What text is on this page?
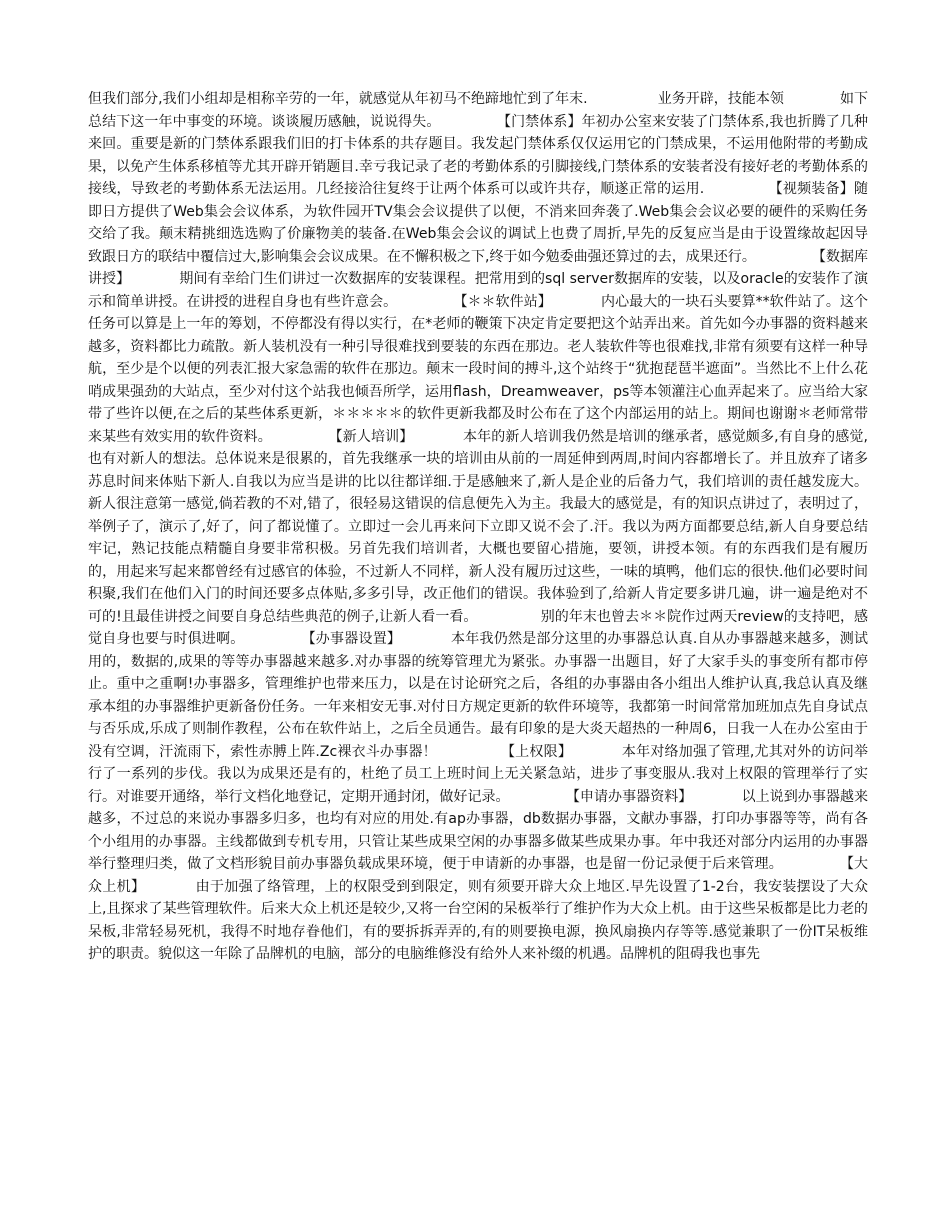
但我们部分,我们小组却是相称辛劳的一年，就感觉从年初马不绝蹄地忙到了年末.　　　　　业务开辟，技能本领　　　　如下总结下这一年中事变的环境。谈谈履历感触，说说得失。　　　　　【门禁体系】年初办公室来安装了门禁体系,我也折腾了几种来回。重要是新的门禁体系跟我们旧的打卡体系的共存题目。我发起门禁体系仅仅运用它的门禁成果，不运用他附带的考勤成果，以免产生体系移植等尤其开辟开销题目.幸亏我记录了老的考勤体系的引脚接线,门禁体系的安装者没有接好老的考勤体系的接线，导致老的考勤体系无法运用。几经接洽往复终于让两个体系可以或许共存，顺遂正常的运用.　　　　　【视频装备】随即日方提供了Web集会会议体系，为软件园开TV集会会议提供了以便，不消来回奔袭了.Web集会会议必要的硬件的采购任务交给了我。颠末精挑细选选购了价廉物美的装备.在Web集会会议的调试上也费了周折,早先的反复应当是由于设置缘故起因导致跟日方的联结中覆信过大,影响集会会议成果。在不懈积极之下,终于如今勉委曲强还算过的去，成果还行。　　　　　【数据库讲授】　　　　期间有幸给门生们讲过一次数据库的安装课程。把常用到的sql server数据库的安装，以及oracle的安装作了演示和简单讲授。在讲授的进程自身也有些许意会。　　　　　【＊＊软件站】　　　　内心最大的一块石头要算**软件站了。这个任务可以算是上一年的筹划，不停都没有得以实行，在*老师的鞭策下决定肯定要把这个站弄出来。首先如今办事器的资料越来越多，资料都比力疏散。新人装机没有一种引导很难找到要装的东西在那边。老人装软件等也很难找,非常有须要有这样一种导航，至少是个以便的列表汇报大家急需的软件在那边。颠末一段时间的搏斗,这个站终于“犹抱琵琶半遮面”。当然比不上什么花哨成果强劲的大站点，至少对付这个站我也倾吾所学，运用flash，Dreamweaver，ps等本领灌注心血弄起来了。应当给大家带了些许以便,在之后的某些体系更新，＊＊＊＊＊的软件更新我都及时公布在了这个内部运用的站上。期间也谢谢＊老师常带来某些有效实用的软件资料。　　　　　【新人培训】　　　　本年的新人培训我仍然是培训的继承者，感觉颇多,有自身的感觉,也有对新人的想法。总体说来是很累的，首先我继承一块的培训由从前的一周延伸到两周,时间内容都增长了。并且放弃了诸多苏息时间来体贴下新人.自我以为应当是讲的比以往都详细.于是感触来了,新人是企业的后备力气，我们培训的责任越发庞大。新人很注意第一感觉,倘若教的不对,错了，很轻易这错误的信息便先入为主。我最大的感觉是，有的知识点讲过了，表明过了，举例子了，演示了,好了，问了都说懂了。立即过一会儿再来问下立即又说不会了.汗。我以为两方面都要总结,新人自身要总结牢记，熟记技能点精髓自身要非常积极。另首先我们培训者，大概也要留心措施，要领，讲授本领。有的东西我们是有履历的，用起来写起来都曾经有过感官的体验，不过新人不同样，新人没有履历过这些，一味的填鸭，他们忘的很快.他们必要时间积聚,我们在他们入门的时间还要多点体贴,多多引导，改正他们的错误。我体验到了,给新人肯定要多讲几遍，讲一遍是绝对不可的!且最佳讲授之间要自身总结些典范的例子,让新人看一看。　　　　　别的年末也曾去＊＊院作过两天review的支持吧，感觉自身也要与时俱进啊。　　　　　【办事器设置】　　　　本年我仍然是部分这里的办事器总认真.自从办事器越来越多，测试用的，数据的,成果的等等办事器越来越多.对办事器的统筹管理尤为紧张。办事器一出题目，好了大家手头的事变所有都市停止。重中之重啊!办事器多，管理维护也带来压力，以是在讨论研究之后，各组的办事器由各小组出人维护认真,我总认真及继承本组的办事器维护更新备份任务。一年来相安无事.对付日方规定更新的软件环境等，我都第一时间常常加班加点先自身试点与否乐成,乐成了则制作教程，公布在软件站上，之后全员通告。最有印象的是大炎天超热的一种周6，日我一人在办公室由于没有空调，汗流雨下，索性赤膊上阵.Zc裸衣斗办事器！　　　　　【上权限】　　　　本年对络加强了管理,尤其对外的访问举行了一系列的步伐。我以为成果还是有的，杜绝了员工上班时间上无关紧急站，进步了事变服从.我对上权限的管理举行了实行。对谁要开通络，举行文档化地登记，定期开通封闭，做好记录。　　　　　【申请办事器资料】　　　　以上说到办事器越来越多，不过总的来说办事器多归多，也均有对应的用处.有ap办事器，db数据办事器，文献办事器，打印办事器等等，尚有各个小组用的办事器。主线都做到专机专用，只管让某些成果空闲的办事器多做某些成果办事。年中我还对部分内运用的办事器举行整理归类，做了文档形貌目前办事器负载成果环境，便于申请新的办事器，也是留一份记录便于后来管理。　　　　　【大众上机】　　　　由于加强了络管理，上的权限受到到限定，则有须要开辟大众上地区.早先设置了1-2台，我安装摆设了大众上,且探求了某些管理软件。后来大众上机还是较少,又将一台空闲的呆板举行了维护作为大众上机。由于这些呆板都是比力老的呆板,非常轻易死机，我得不时地存眷他们，有的要拆拆弄弄的,有的则要换电源，换风扇换内存等等.感觉兼职了一份IT呆板维护的职责。貌似这一年除了品牌机的电脑，部分的电脑维修没有给外人来补缀的机遇。品牌机的阻碍我也事先
